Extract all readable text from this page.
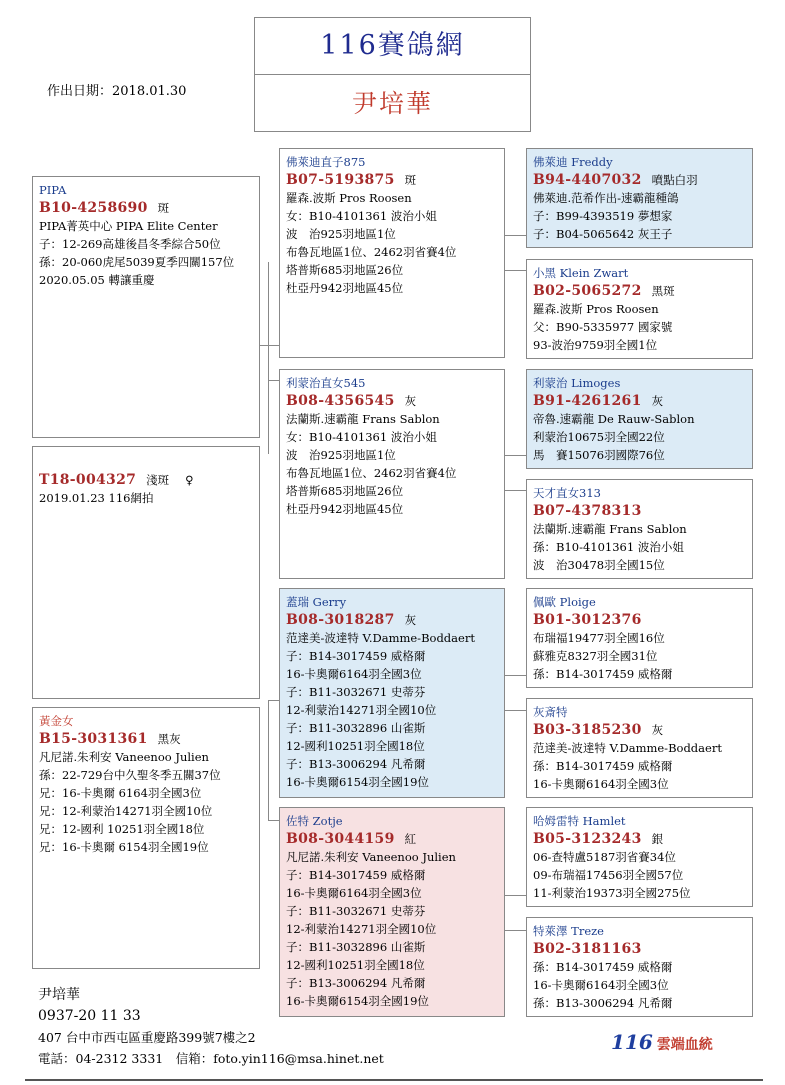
116賽鴿網
尹培華
作出日期：2018.01.30
PIPA
B10-4258690 斑
PIPA菁英中心 PIPA Elite Center
子：12-269高雄後昌冬季綜合50位
孫：20-060虎尾5039夏季四關157位
2020.05.05 轉讓重慶
T18-004327 淺斑 ♀
2019.01.23 116網拍
黃金女
B15-3031361 黑灰
凡尼諾.朱利安 Vaneenoo Julien
孫：22-729台中久聖冬季五關37位
兄：16-卡奧爾 6164羽全國3位
兄：12-利蒙治14271羽全國10位
兄：12-國利 10251羽全國18位
兄：16-卡奧爾 6154羽全國19位
佛萊迪直子875
B07-5193875 斑
羅森.波斯 Pros Roosen
女：B10-4101361 波治小姐
波　治925羽地區1位
布魯瓦地區1位、2462羽省賽4位
塔普斯685羽地區26位
杜亞丹942羽地區45位
利蒙治直女545
B08-4356545 灰
法蘭斯.速霸龍 Frans Sablon
女：B10-4101361 波治小姐
波　治925羽地區1位
布魯瓦地區1位、2462羽省賽4位
塔普斯685羽地區26位
杜亞丹942羽地區45位
蓋瑞 Gerry
B08-3018287 灰
范達美-波達特 V.Damme-Boddaert
子：B14-3017459 威格爾
16-卡奧爾6164羽全國3位
子：B11-3032671 史蒂芬
12-利蒙治14271羽全國10位
子：B11-3032896 山雀斯
12-國利10251羽全國18位
子：B13-3006294 凡希爾
16-卡奧爾6154羽全國19位
佐特 Zotje
B08-3044159 紅
凡尼諾.朱利安 Vaneenoo Julien
子：B14-3017459 威格爾
16-卡奧爾6164羽全國3位
子：B11-3032671 史蒂芬
12-利蒙治14271羽全國10位
子：B11-3032896 山雀斯
12-國利10251羽全國18位
子：B13-3006294 凡希爾
16-卡奧爾6154羽全國19位
佛萊迪 Freddy
B94-4407032 噴點白羽
佛萊迪.范希作出-速霸龍種鴿
子：B99-4393519 夢想家
子：B04-5065642 灰王子
小黑 Klein Zwart
B02-5065272 黑斑
羅森.波斯 Pros Roosen
父：B90-5335977 國家號
93-波治9759羽全國1位
利蒙治 Limoges
B91-4261261 灰
帝魯.速霸龍 De Rauw-Sablon
利蒙治10675羽全國22位
馬　賽15076羽國際76位
天才直女313
B07-4378313
法蘭斯.速霸龍 Frans Sablon
孫：B10-4101361 波治小姐
波　治30478羽全國15位
佩歐 Ploige
B01-3012376
布瑞福19477羽全國16位
蘇雅克8327羽全國31位
孫：B14-3017459 威格爾
灰斎特
B03-3185230 灰
范達美-波達特 V.Damme-Boddaert
孫：B14-3017459 威格爾
16-卡奧爾6164羽全國3位
哈姆雷特 Hamlet
B05-3123243 銀
06-查特盧5187羽省賽34位
09-布瑞福17456羽全國57位
11-利蒙治19373羽全國275位
特萊澤 Treze
B02-3181163
孫：B14-3017459 威格爾
16-卡奧爾6164羽全國3位
孫：B13-3006294 凡希爾
尹培華
0937-20 11 33
407 台中市西屯區重慶路399號7樓之2
電話：04-2312 3331　信箱：foto.yin116@msa.hinet.net
116 雲端血統
